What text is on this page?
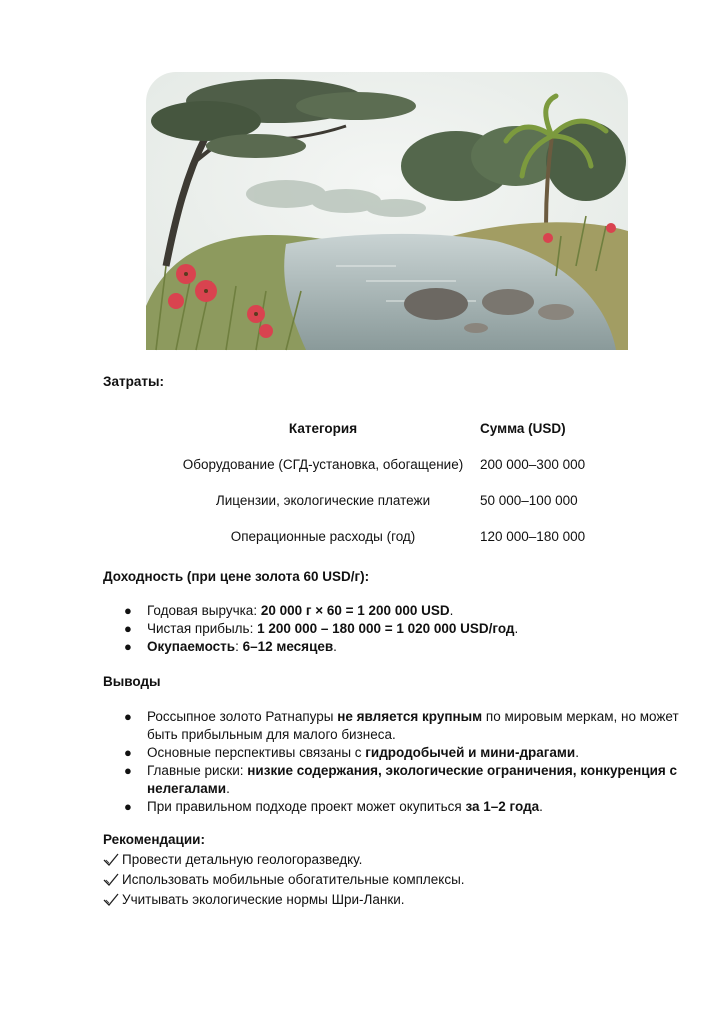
Затраты:
Категория	Сумма (USD)
Оборудование (СГД-установка, обогащение)	200 000–300 000
Лицензии, экологические платежи	50 000–100 000
Операционные расходы (год)	120 000–180 000
Доходность (при цене золота 60 USD/г):
● Годовая выручка: 20 000 г × 60 = 1 200 000 USD.
● Чистая прибыль: 1 200 000 – 180 000 = 1 020 000 USD/год.
● Окупаемость: 6–12 месяцев.
Выводы
● Россыпное золото Ратнапуры не является крупным по мировым меркам, но может быть прибыльным для малого бизнеса.
● Основные перспективы связаны с гидродобычей и мини-драгами.
● Главные риски: низкие содержания, экологические ограничения, конкуренция с нелегалами.
● При правильном подходе проект может окупиться за 1–2 года.
Рекомендации:
Провести детальную геологоразведку.
Использовать мобильные обогатительные комплексы.
Учитывать экологические нормы Шри-Ланки.
